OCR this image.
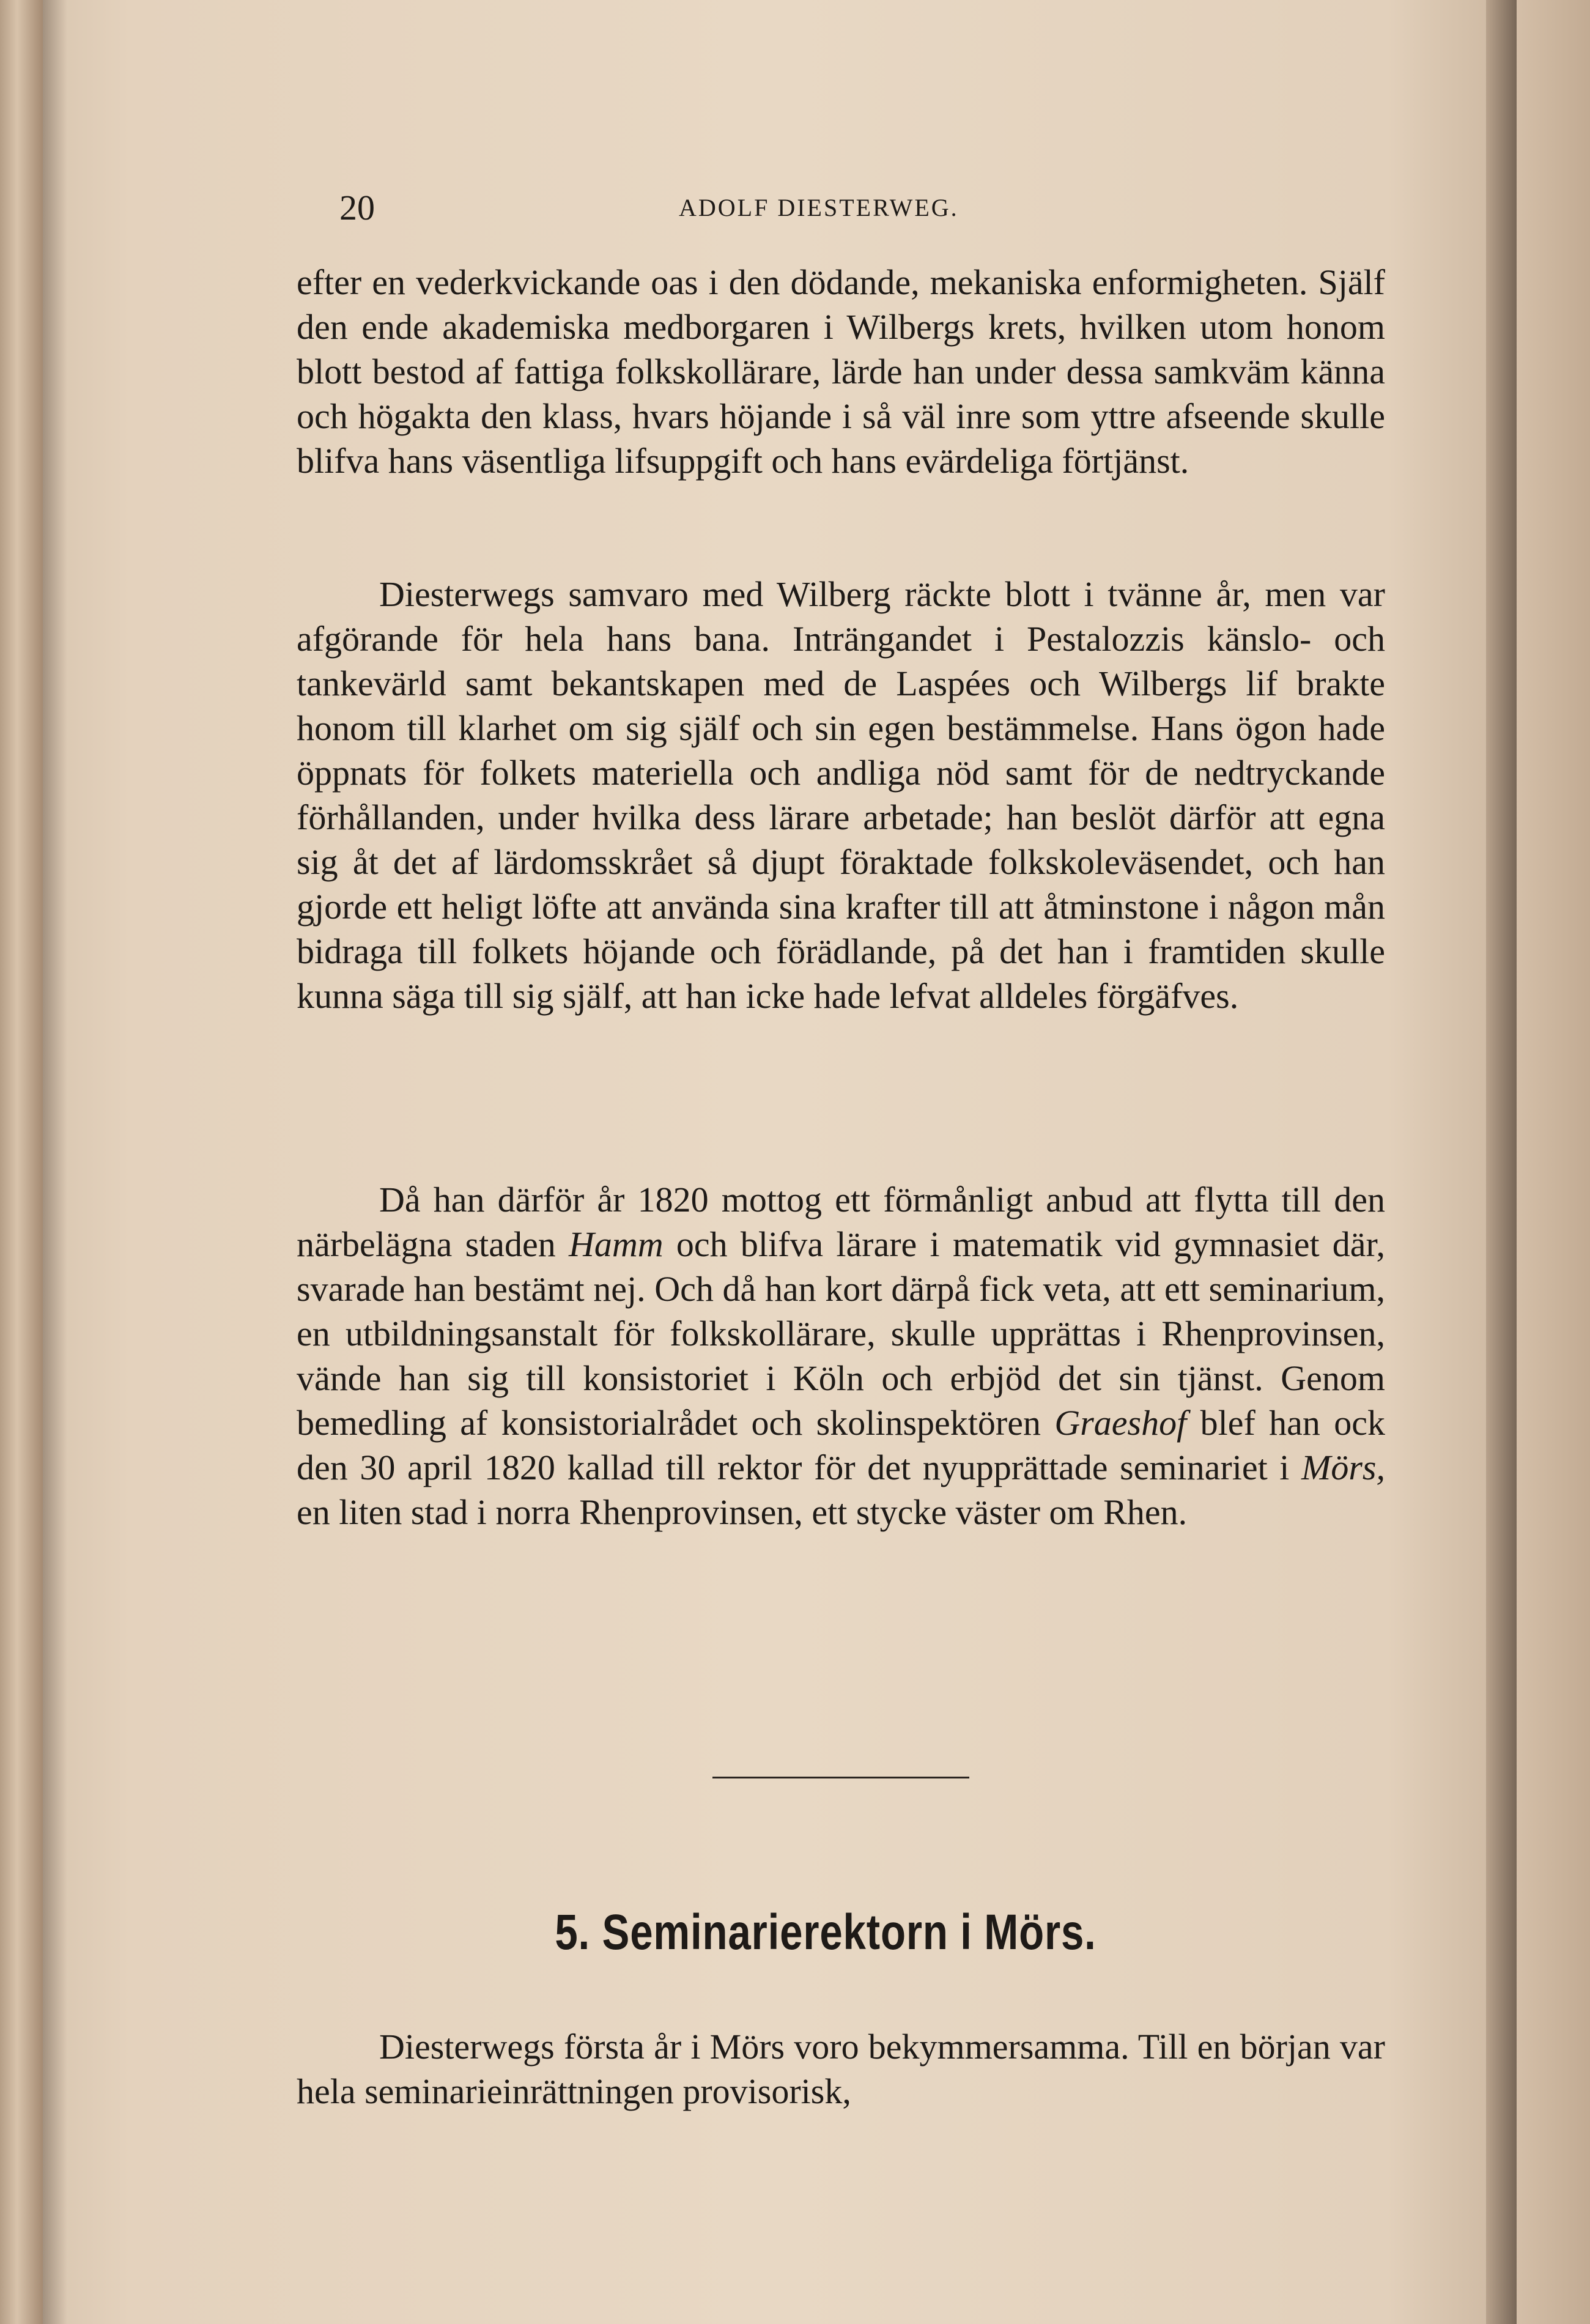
20	ADOLF DIESTERWEG.
efter en vederkvickande oas i den dödande, mekaniska enformigheten. Själf den ende akademiska medborgaren i Wilbergs krets, hvilken utom honom blott bestod af fattiga folkskollärare, lärde han under dessa samkväm känna och högakta den klass, hvars höjande i så väl inre som yttre afseende skulle blifva hans väsentliga lifsuppgift och hans evärdeliga förtjänst.
Diesterwegs samvaro med Wilberg räckte blott i tvänne år, men var afgörande för hela hans bana. Inträngandet i Pestalozzis känslo- och tankevärld samt bekantskapen med de Laspées och Wilbergs lif brakte honom till klarhet om sig själf och sin egen bestämmelse. Hans ögon hade öppnats för folkets materiella och andliga nöd samt för de nedtryckande förhållanden, under hvilka dess lärare arbetade; han beslöt därför att egna sig åt det af lärdomsskrået så djupt föraktade folkskoleväsendet, och han gjorde ett heligt löfte att använda sina krafter till att åtminstone i någon mån bidraga till folkets höjande och förädlande, på det han i framtiden skulle kunna säga till sig själf, att han icke hade lefvat alldeles förgäfves.
Då han därför år 1820 mottog ett förmånligt anbud att flytta till den närbelägna staden Hamm och blifva lärare i matematik vid gymnasiet där, svarade han bestämt nej. Och då han kort därpå fick veta, att ett seminarium, en utbildningsanstalt för folkskollärare, skulle upprättas i Rhenprovinsen, vände han sig till konsistoriet i Köln och erbjöd det sin tjänst. Genom bemedling af konsistorialrådet och skolinspektören Graeshof blef han ock den 30 april 1820 kallad till rektor för det nyupprättade seminariet i Mörs, en liten stad i norra Rhenprovinsen, ett stycke väster om Rhen.
5. Seminarierektorn i Mörs.
Diesterwegs första år i Mörs voro bekymmersamma. Till en början var hela seminarieinrättningen provisorisk,
